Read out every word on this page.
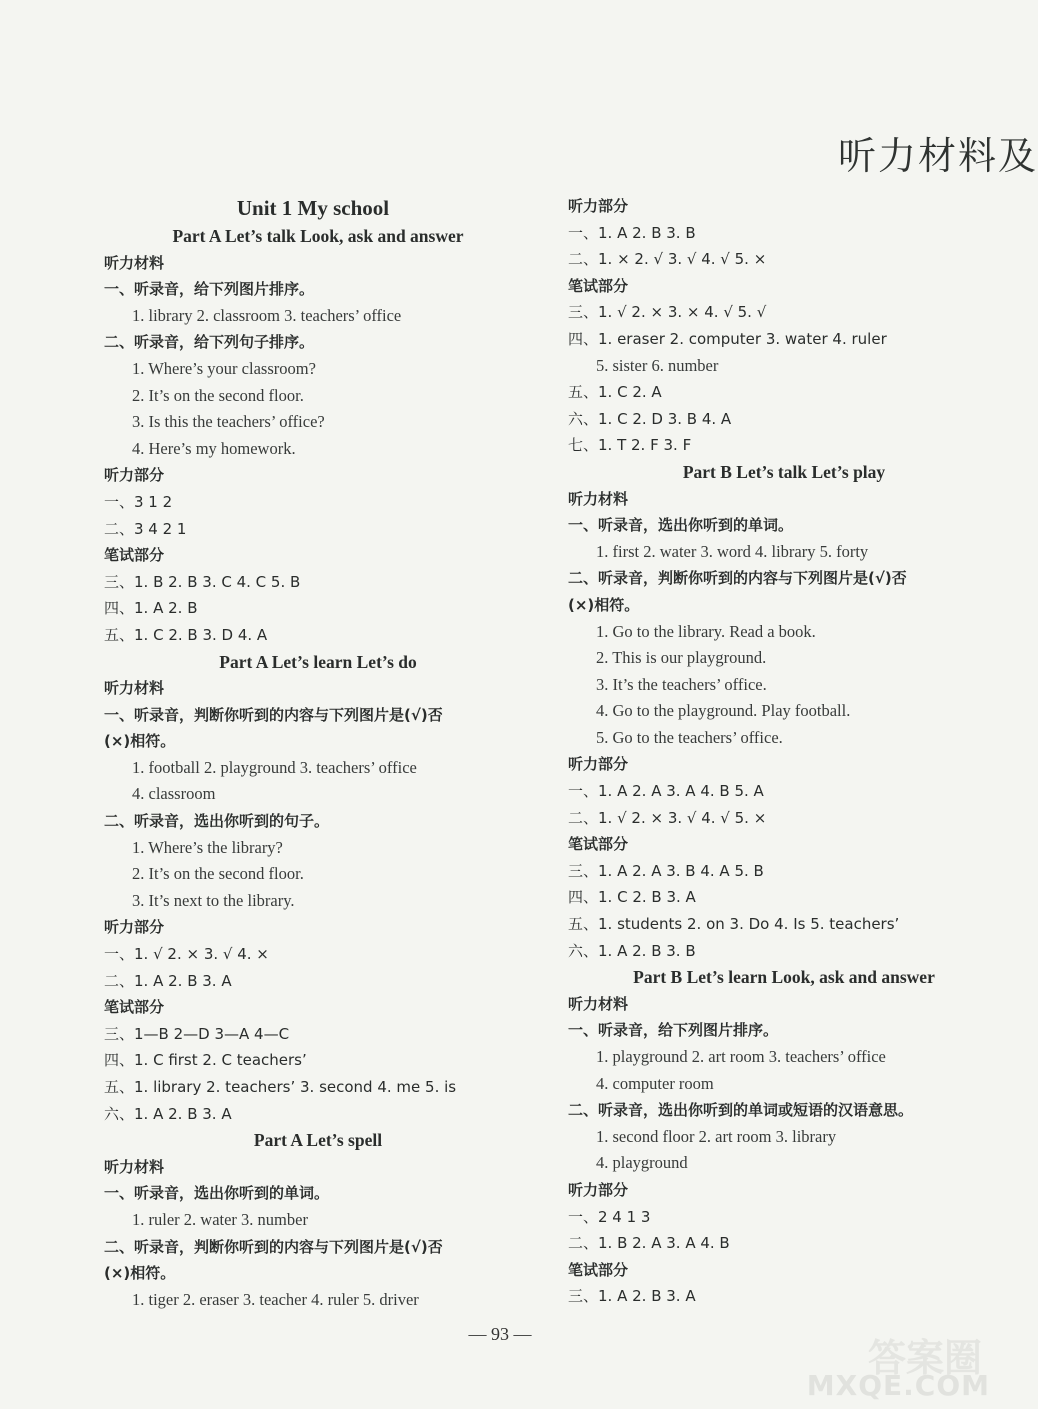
听力材料及
Unit 1 My school
Part A Let’s talk Look, ask and answer
听力材料
一、听录音，给下列图片排序。
1. library 2. classroom 3. teachers’ office
二、听录音，给下列句子排序。
1. Where’s your classroom?
2. It’s on the second floor.
3. Is this the teachers’ office?
4. Here’s my homework.
听力部分
一、3 1 2
二、3 4 2 1
笔试部分
三、1. B 2. B 3. C 4. C 5. B
四、1. A 2. B
五、1. C 2. B 3. D 4. A
Part A Let’s learn Let’s do
听力材料
一、听录音，判断你听到的内容与下列图片是(√)否
(×)相符。
1. football 2. playground 3. teachers’ office
4. classroom
二、听录音，选出你听到的句子。
1. Where’s the library?
2. It’s on the second floor.
3. It’s next to the library.
听力部分
一、1. √ 2. × 3. √ 4. ×
二、1. A 2. B 3. A
笔试部分
三、1—B 2—D 3—A 4—C
四、1. C first 2. C teachers’
五、1. library 2. teachers’ 3. second 4. me 5. is
六、1. A 2. B 3. A
Part A Let’s spell
听力材料
一、听录音，选出你听到的单词。
1. ruler 2. water 3. number
二、听录音，判断你听到的内容与下列图片是(√)否
(×)相符。
1. tiger 2. eraser 3. teacher 4. ruler 5. driver
听力部分
一、1. A 2. B 3. B
二、1. × 2. √ 3. √ 4. √ 5. ×
笔试部分
三、1. √ 2. × 3. × 4. √ 5. √
四、1. eraser 2. computer 3. water 4. ruler
5. sister 6. number
五、1. C 2. A
六、1. C 2. D 3. B 4. A
七、1. T 2. F 3. F
Part B Let’s talk Let’s play
听力材料
一、听录音，选出你听到的单词。
1. first 2. water 3. word 4. library 5. forty
二、听录音，判断你听到的内容与下列图片是(√)否
(×)相符。
1. Go to the library. Read a book.
2. This is our playground.
3. It’s the teachers’ office.
4. Go to the playground. Play football.
5. Go to the teachers’ office.
听力部分
一、1. A 2. A 3. A 4. B 5. A
二、1. √ 2. × 3. √ 4. √ 5. ×
笔试部分
三、1. A 2. A 3. B 4. A 5. B
四、1. C 2. B 3. A
五、1. students 2. on 3. Do 4. Is 5. teachers’
六、1. A 2. B 3. B
Part B Let’s learn Look, ask and answer
听力材料
一、听录音，给下列图片排序。
1. playground 2. art room 3. teachers’ office
4. computer room
二、听录音，选出你听到的单词或短语的汉语意思。
1. second floor 2. art room 3. library
4. playground
听力部分
一、2 4 1 3
二、1. B 2. A 3. A 4. B
笔试部分
三、1. A 2. B 3. A
— 93 —
答案圈
MXQE.COM
